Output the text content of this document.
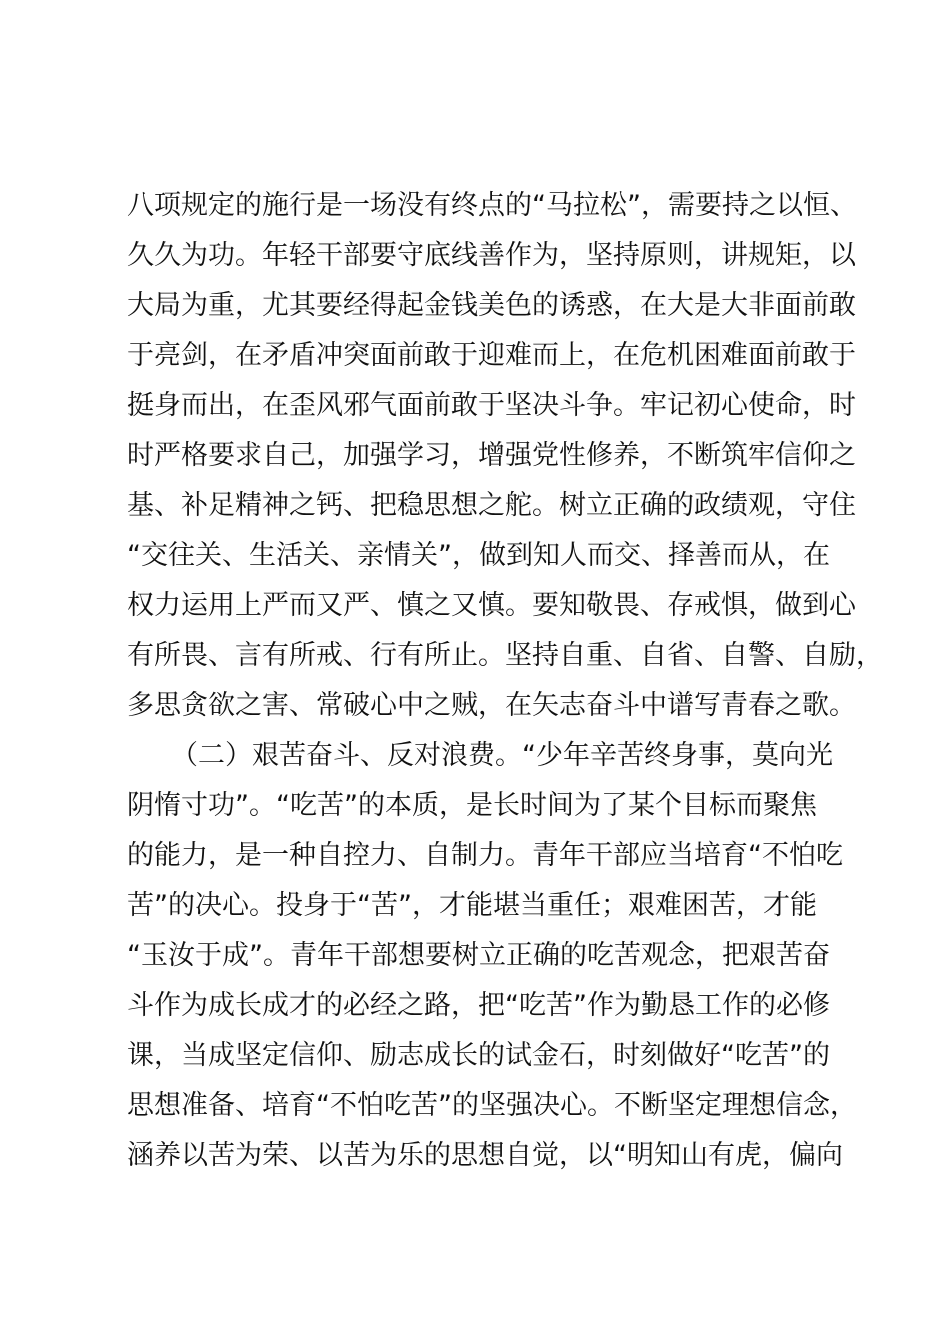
八项规定的施行是一场没有终点的“马拉松”，需要持之以恒、
久久为功。年轻干部要守底线善作为，坚持原则，讲规矩，以
大局为重，尤其要经得起金钱美色的诱惑，在大是大非面前敢
于亮剑，在矛盾冲突面前敢于迎难而上，在危机困难面前敢于
挺身而出，在歪风邪气面前敢于坚决斗争。牢记初心使命，时
时严格要求自己，加强学习，增强党性修养，不断筑牢信仰之
基、补足精神之钙、把稳思想之舵。树立正确的政绩观，守住
“交往关、生活关、亲情关”，做到知人而交、择善而从，在
权力运用上严而又严、慎之又慎。要知敬畏、存戒惧，做到心
有所畏、言有所戒、行有所止。坚持自重、自省、自警、自励，
多思贪欲之害、常破心中之贼，在矢志奋斗中谱写青春之歌。
（二）艰苦奋斗、反对浪费。“少年辛苦终身事，莫向光
阴惰寸功”。“吃苦”的本质，是长时间为了某个目标而聚焦
的能力，是一种自控力、自制力。青年干部应当培育“不怕吃
苦”的决心。投身于“苦”，才能堪当重任；艰难困苦，才能
“玉汝于成”。青年干部想要树立正确的吃苦观念，把艰苦奋
斗作为成长成才的必经之路，把“吃苦”作为勤恳工作的必修
课，当成坚定信仰、励志成长的试金石，时刻做好“吃苦”的
思想准备、培育“不怕吃苦”的坚强决心。不断坚定理想信念，
涵养以苦为荣、以苦为乐的思想自觉，以“明知山有虎，偏向
